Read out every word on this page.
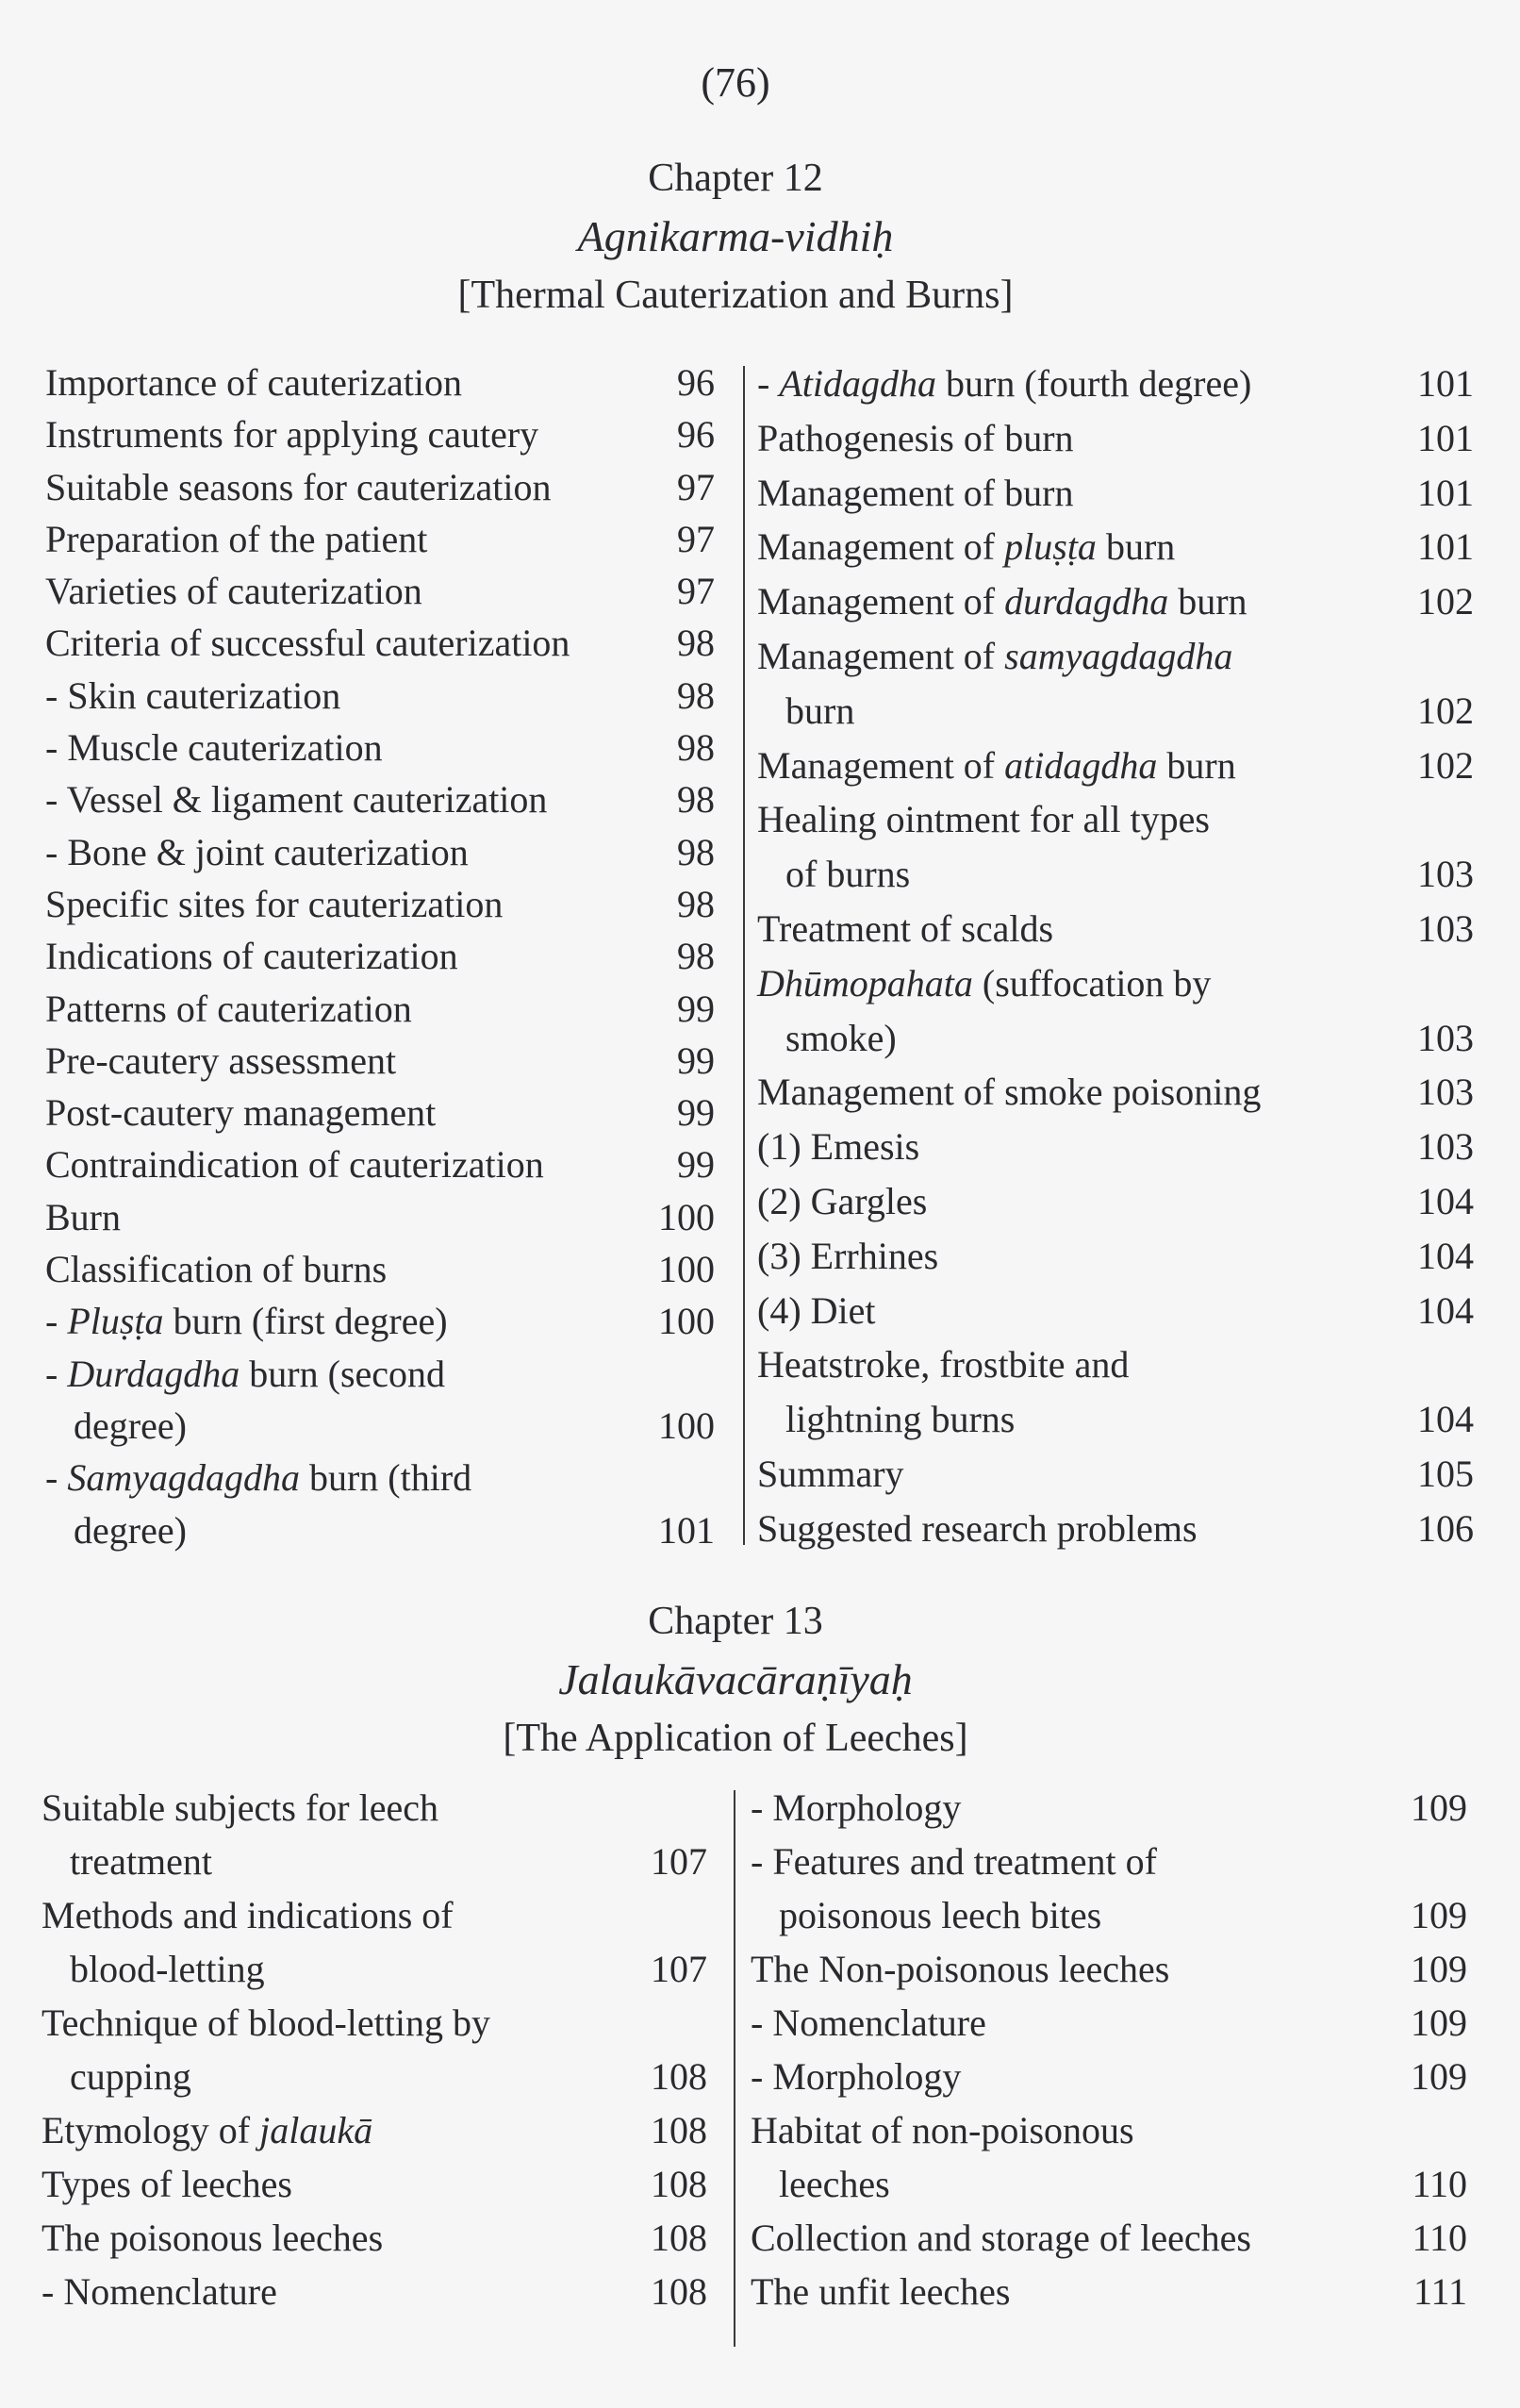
(76)
Chapter 12
Agnikarma-vidhiḥ
[Thermal Cauterization and Burns]
Importance of cauterization	96
Instruments for applying cautery	96
Suitable seasons for cauterization	97
Preparation of the patient	97
Varieties of cauterization	97
Criteria of successful cauterization	98
- Skin cauterization	98
- Muscle cauterization	98
- Vessel & ligament cauterization	98
- Bone & joint cauterization	98
Specific sites for cauterization	98
Indications of cauterization	98
Patterns of cauterization	99
Pre-cautery assessment	99
Post-cautery management	99
Contraindication of cauterization	99
Burn	100
Classification of burns	100
- Pluṣṭa burn (first degree)	100
- Durdagdha burn (second
degree)	100
- Samyagdagdha burn (third
degree)	101
- Atidagdha burn (fourth degree)	101
Pathogenesis of burn	101
Management of burn	101
Management of pluṣṭa burn	101
Management of durdagdha burn	102
Management of samyagdagdha
burn	102
Management of atidagdha burn	102
Healing ointment for all types
of burns	103
Treatment of scalds	103
Dhūmopahata (suffocation by
smoke)	103
Management of smoke poisoning	103
(1) Emesis	103
(2) Gargles	104
(3) Errhines	104
(4) Diet	104
Heatstroke, frostbite and
lightning burns	104
Summary	105
Suggested research problems	106
Chapter 13
Jalaukāvacāraṇīyaḥ
[The Application of Leeches]
Suitable subjects for leech
treatment	107
Methods and indications of
blood-letting	107
Technique of blood-letting by
cupping	108
Etymology of jalaukā	108
Types of leeches	108
The poisonous leeches	108
- Nomenclature	108
- Morphology	109
- Features and treatment of
poisonous leech bites	109
The Non-poisonous leeches	109
- Nomenclature	109
- Morphology	109
Habitat of non-poisonous
leeches	110
Collection and storage of leeches	110
The unfit leeches	111
